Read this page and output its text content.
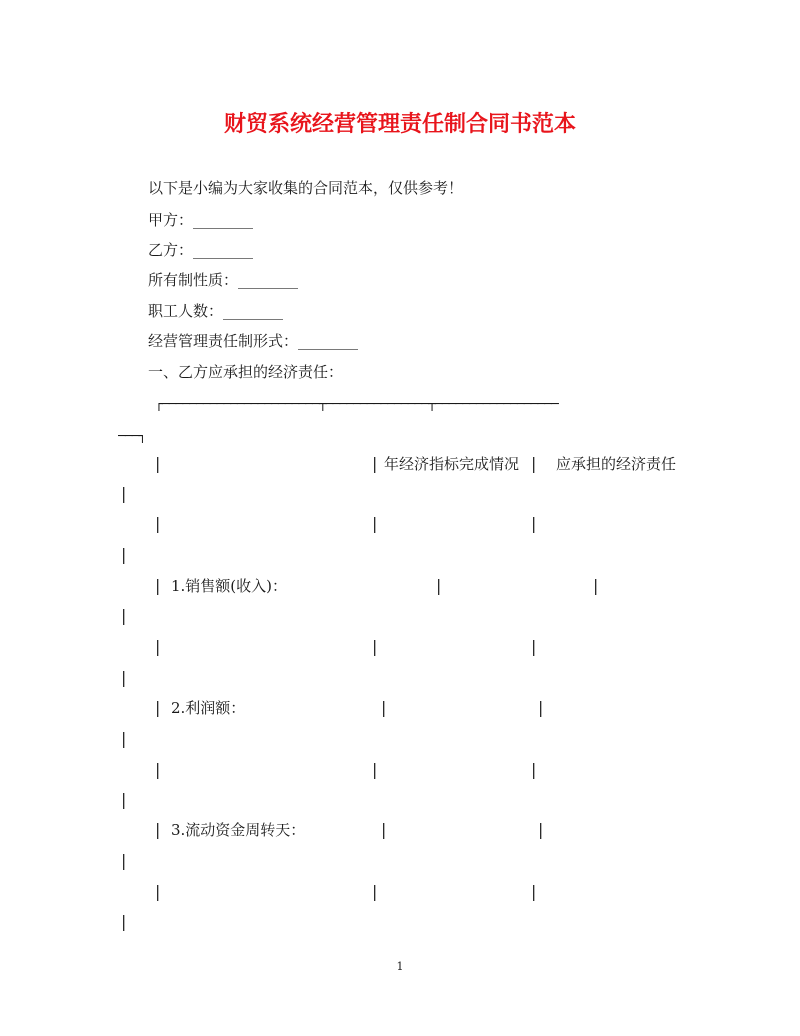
财贸系统经营管理责任制合同书范本
以下是小编为大家收集的合同范本，仅供参考！
甲方：________
乙方：________
所有制性质：________
职工人数：________
经营管理责任制形式：________
一、乙方应承担的经济责任：
┌───────────────────────┬───────────────┬──────────────────
───┐
|	| 年经济指标完成情况 | 应承担的经济责任
|
|	|	|
|
| 1.销售额(收入)：	|	|
|
|	|	|
|
| 2.利润额：	|	|
|
|	|	|
|
| 3.流动资金周转天：	|	|
|
|	|	|
|
1
